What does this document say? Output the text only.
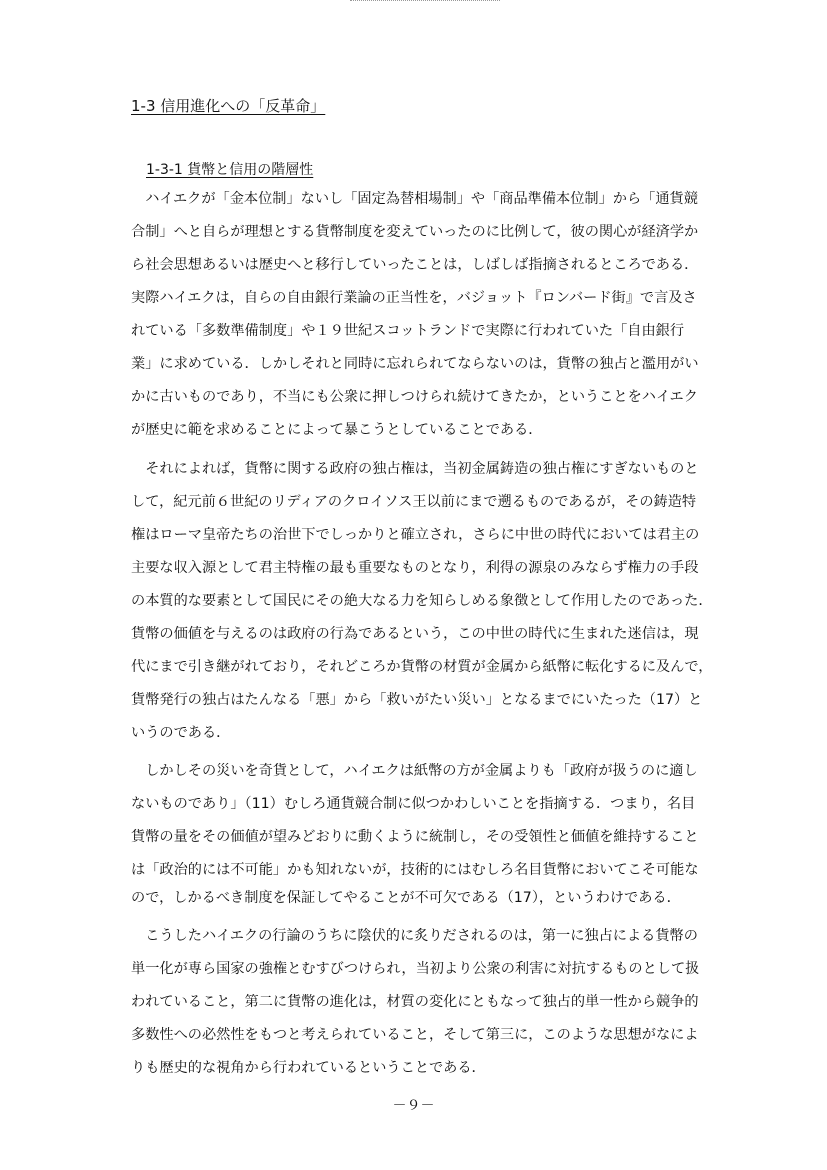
1-3 信用進化への「反革命」
1-3-1 貨幣と信用の階層性
　ハイエクが「金本位制」ないし「固定為替相場制」や「商品準備本位制」から「通貨競
合制」へと自らが理想とする貨幣制度を変えていったのに比例して，彼の関心が経済学か
ら社会思想あるいは歴史へと移行していったことは，しばしば指摘されるところである．
実際ハイエクは，自らの自由銀行業論の正当性を，バジョット『ロンバード街』で言及さ
れている「多数準備制度」や１９世紀スコットランドで実際に行われていた「自由銀行
業」に求めている．しかしそれと同時に忘れられてならないのは，貨幣の独占と濫用がい
かに古いものであり，不当にも公衆に押しつけられ続けてきたか，ということをハイエク
が歴史に範を求めることによって暴こうとしていることである．
　それによれば，貨幣に関する政府の独占権は，当初金属鋳造の独占権にすぎないものと
して，紀元前６世紀のリディアのクロイソス王以前にまで遡るものであるが，その鋳造特
権はローマ皇帝たちの治世下でしっかりと確立され，さらに中世の時代においては君主の
主要な収入源として君主特権の最も重要なものとなり，利得の源泉のみならず権力の手段
の本質的な要素として国民にその絶大なる力を知らしめる象徴として作用したのであった．
貨幣の価値を与えるのは政府の行為であるという，この中世の時代に生まれた迷信は，現
代にまで引き継がれており，それどころか貨幣の材質が金属から紙幣に転化するに及んで，
貨幣発行の独占はたんなる「悪」から「救いがたい災い」となるまでにいたった（17）と
いうのである．
　しかしその災いを奇貨として，ハイエクは紙幣の方が金属よりも「政府が扱うのに適し
ないものであり」（11）むしろ通貨競合制に似つかわしいことを指摘する．つまり，名目
貨幣の量をその価値が望みどおりに動くように統制し，その受領性と価値を維持すること
は「政治的には不可能」かも知れないが，技術的にはむしろ名目貨幣においてこそ可能な
ので，しかるべき制度を保証してやることが不可欠である（17），というわけである．
　こうしたハイエクの行論のうちに陰伏的に炙りだされるのは，第一に独占による貨幣の
単一化が専ら国家の強権とむすびつけられ，当初より公衆の利害に対抗するものとして扱
われていること，第二に貨幣の進化は，材質の変化にともなって独占的単一性から競争的
多数性への必然性をもつと考えられていること，そして第三に，このような思想がなによ
りも歴史的な視角から行われているということである．
－９－
